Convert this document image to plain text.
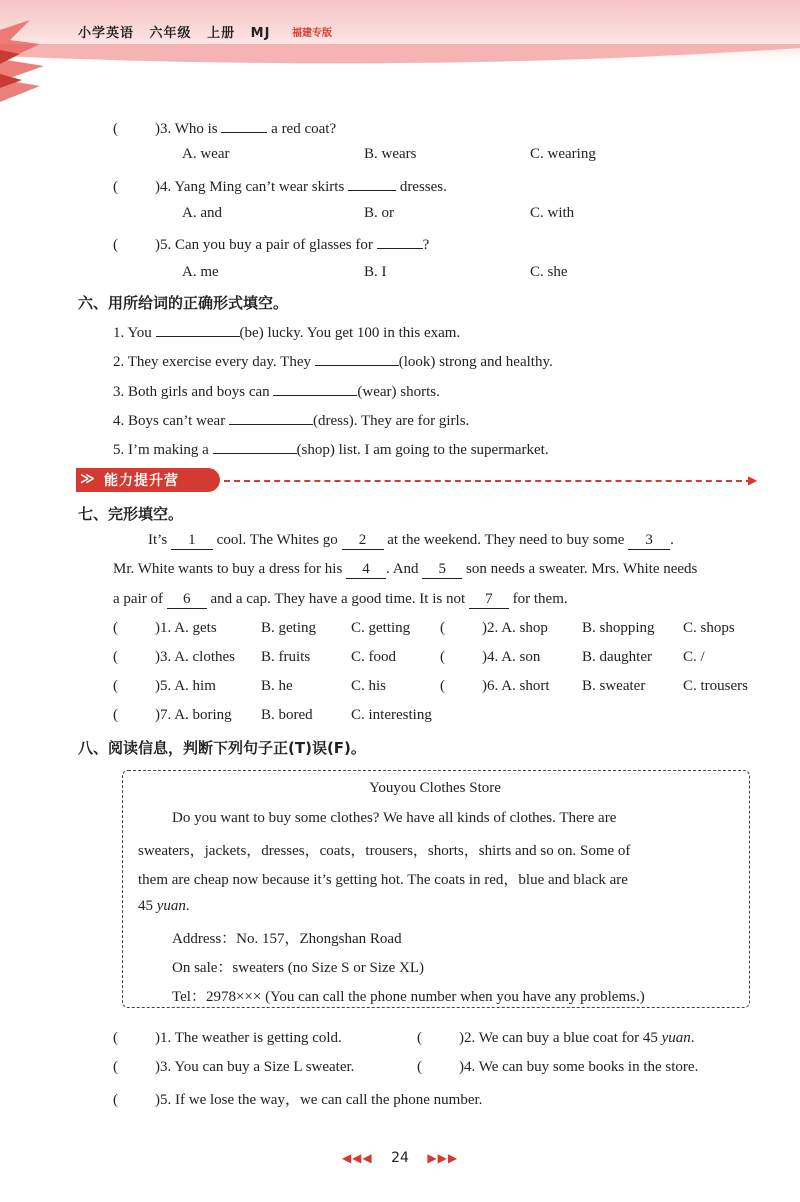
小学英语 六年级 上册 MJ	福建专版
( )3. Who is	a red coat?
A. wear	B. wears	C. wearing
( )4. Yang Ming can’t wear skirts	dresses.
A. and	B. or	C. with
( )5. Can you buy a pair of glasses for	?
A. me	B. I	C. she
六、用所给词的正确形式填空。
1. You	(be) lucky. You get 100 in this exam.
2. They exercise every day. They	(look) strong and healthy.
3. Both girls and boys can	(wear) shorts.
4. Boys can’t wear	(dress). They are for girls.
5. I’m making a	(shop) list. I am going to the supermarket.
≫ 能力提升营	▶
七、完形填空。
It’s 1 cool. The Whites go 2 at the weekend. They need to buy some 3 .
Mr. White wants to buy a dress for his 4 . And 5 son needs a sweater. Mrs. White needs
a pair of 6 and a cap. They have a good time. It is not 7 for them.
( )1. A. gets	B. geting C. getting ( )2. A. shop B. shopping C. shops
( )3. A. clothes B. fruits	C. food	( )4. A. son	B. daughter C. /
( )5. A. him	B. he	C. his	( )6. A. short B. sweater	C. trousers
( )7. A. boring B. bored	C. interesting
八、阅读信息，判断下列句子正(T)误(F)。
Youyou Clothes Store
Do you want to buy some clothes? We have all kinds of clothes. There are
sweaters，jackets，dresses，coats，trousers，shorts，shirts and so on. Some of
them are cheap now because it’s getting hot. The coats in red，blue and black are
45 yuan.
Address：No. 157，Zhongshan Road
On sale：sweaters (no Size S or Size XL)
Tel：2978××× (You can call the phone number when you have any problems.)
( )1. The weather is getting cold.	( )2. We can buy a blue coat for 45 yuan.
( )3. You can buy a Size L sweater.	( )4. We can buy some books in the store.
( )5. If we lose the way，we can call the phone number.
◀◀◀ 24 ▶▶▶
